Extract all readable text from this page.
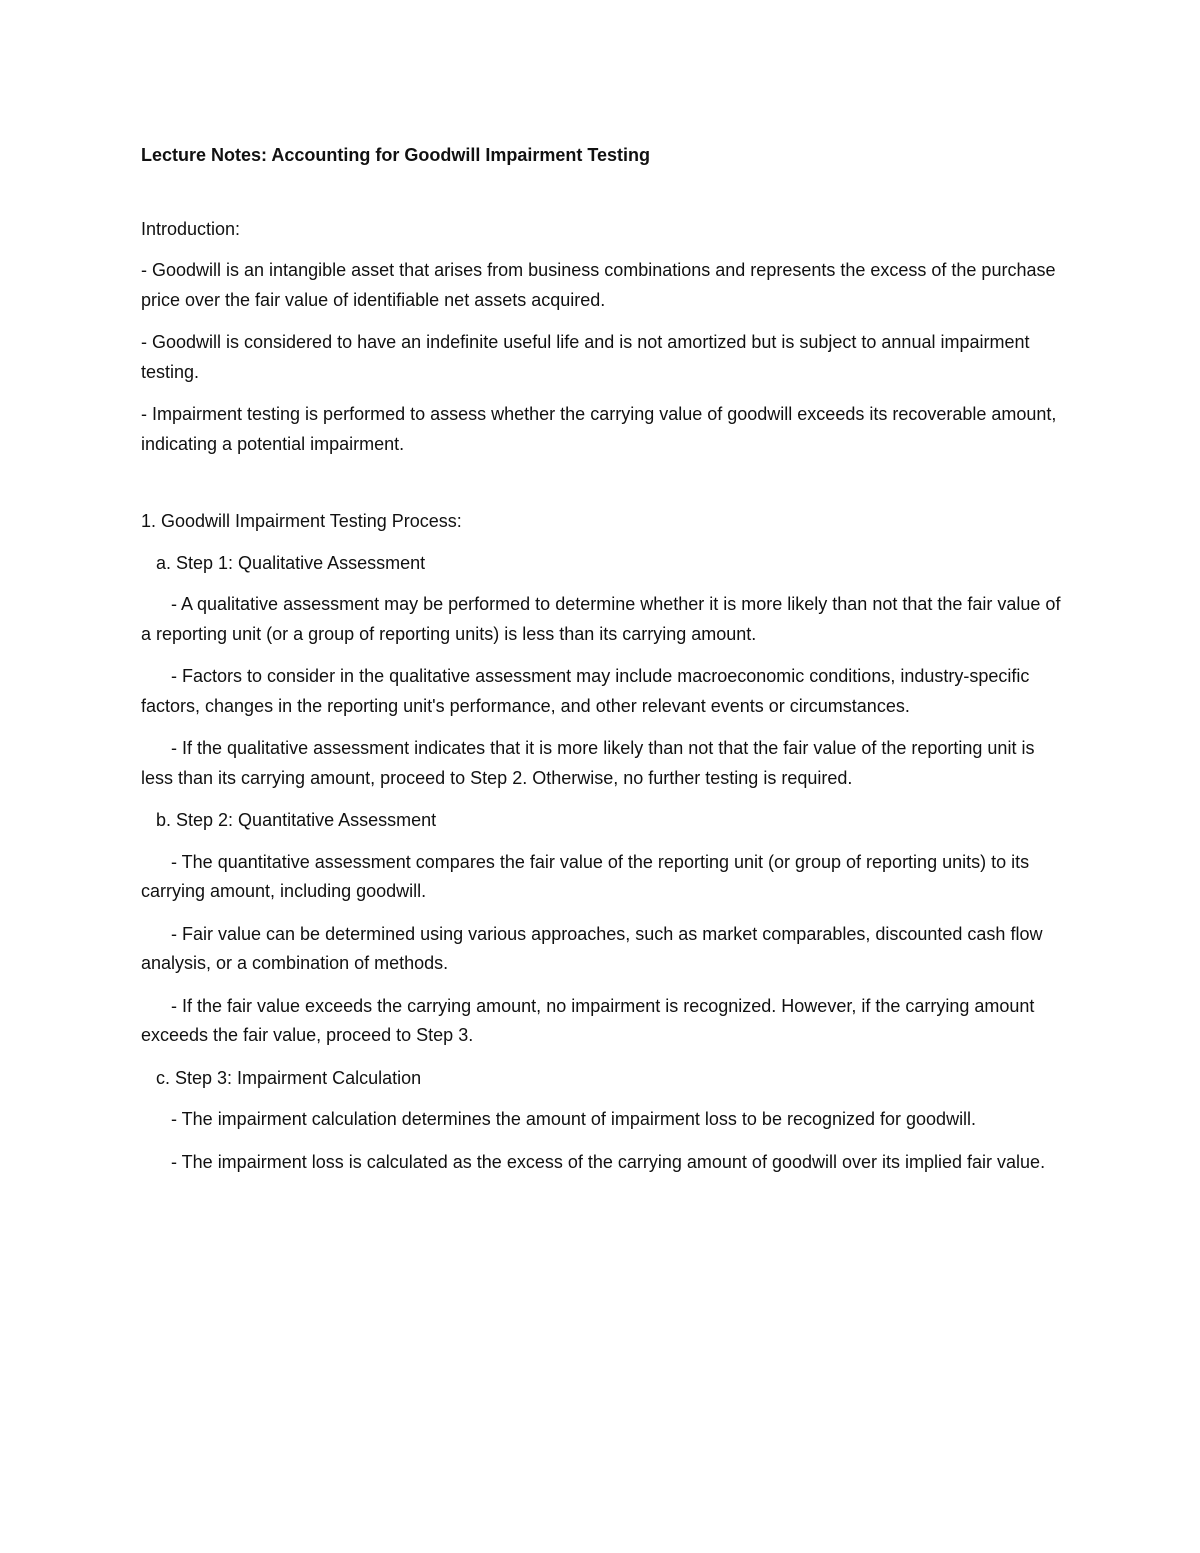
Lecture Notes: Accounting for Goodwill Impairment Testing
Introduction:
- Goodwill is an intangible asset that arises from business combinations and represents the excess of the purchase price over the fair value of identifiable net assets acquired.
- Goodwill is considered to have an indefinite useful life and is not amortized but is subject to annual impairment testing.
- Impairment testing is performed to assess whether the carrying value of goodwill exceeds its recoverable amount, indicating a potential impairment.
1. Goodwill Impairment Testing Process:
a. Step 1: Qualitative Assessment
- A qualitative assessment may be performed to determine whether it is more likely than not that the fair value of a reporting unit (or a group of reporting units) is less than its carrying amount.
- Factors to consider in the qualitative assessment may include macroeconomic conditions, industry-specific factors, changes in the reporting unit's performance, and other relevant events or circumstances.
- If the qualitative assessment indicates that it is more likely than not that the fair value of the reporting unit is less than its carrying amount, proceed to Step 2. Otherwise, no further testing is required.
b. Step 2: Quantitative Assessment
- The quantitative assessment compares the fair value of the reporting unit (or group of reporting units) to its carrying amount, including goodwill.
- Fair value can be determined using various approaches, such as market comparables, discounted cash flow analysis, or a combination of methods.
- If the fair value exceeds the carrying amount, no impairment is recognized. However, if the carrying amount exceeds the fair value, proceed to Step 3.
c. Step 3: Impairment Calculation
- The impairment calculation determines the amount of impairment loss to be recognized for goodwill.
- The impairment loss is calculated as the excess of the carrying amount of goodwill over its implied fair value.
